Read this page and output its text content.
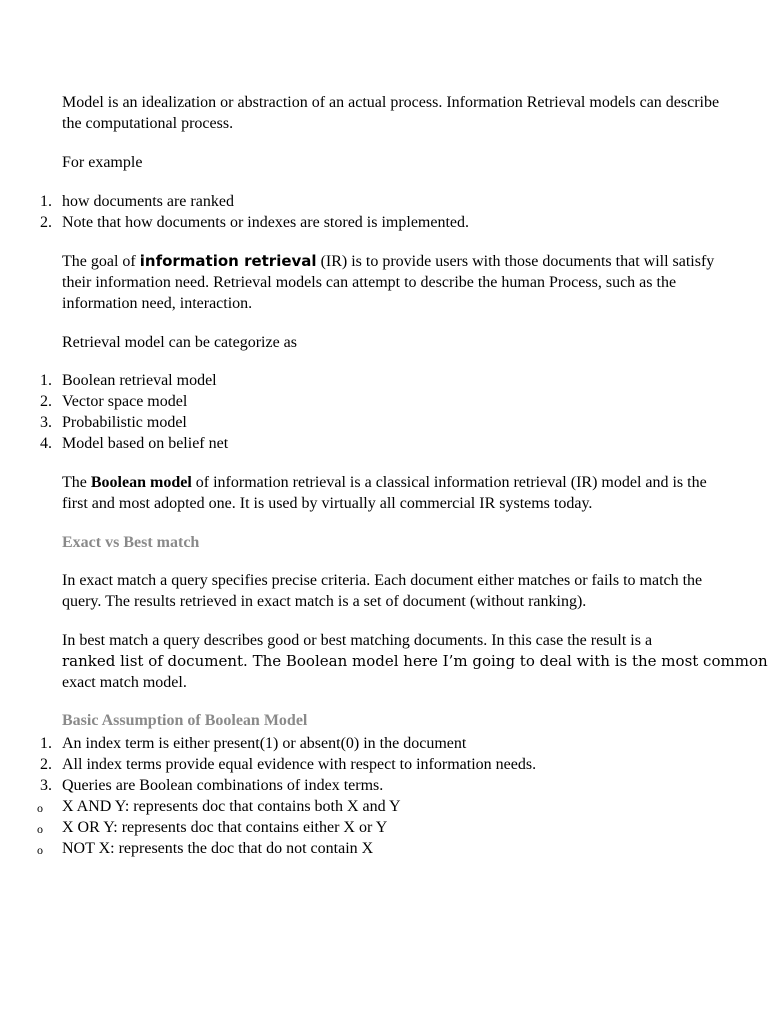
Model is an idealization or abstraction of an actual process. Information Retrieval models can describe the computational process.

For example

1 . how documents are ranked
2 . Note that how documents or indexes are stored is implemented.

The goal of information retrieval (IR) is to provide users with those documents that will satisfy their information need. Retrieval models can attempt to describe the human Process, such as the information need, interaction.

Retrieval model can be categorize as

1 . Boolean retrieval model
2 . Vector space model
3 . Probabilistic model
4 . Model based on belief net

The Boolean model of information retrieval is a classical information retrieval (IR) model and is the first and most adopted one. It is used by virtually all commercial IR systems today.

Exact vs Best match

In exact match a query specifies precise criteria. Each document either matches or fails to match the query. The results retrieved in exact match is a set of document (without ranking).

In best match a query describes good or best matching documents. In this case the result is a
ranked list of document. The Boolean model here I’m going to deal with is the most common
exact match model.

Basic Assumption of Boolean Model

1 . An index term is either present(1) or absent(0) in the document
2 . All index terms provide equal evidence with respect to information needs.
3 . Queries are Boolean combinations of index terms.
o X AND Y: represents doc that contains both X and Y
o X OR Y: represents doc that contains either X or Y
o NOT X: represents the doc that do not contain X
